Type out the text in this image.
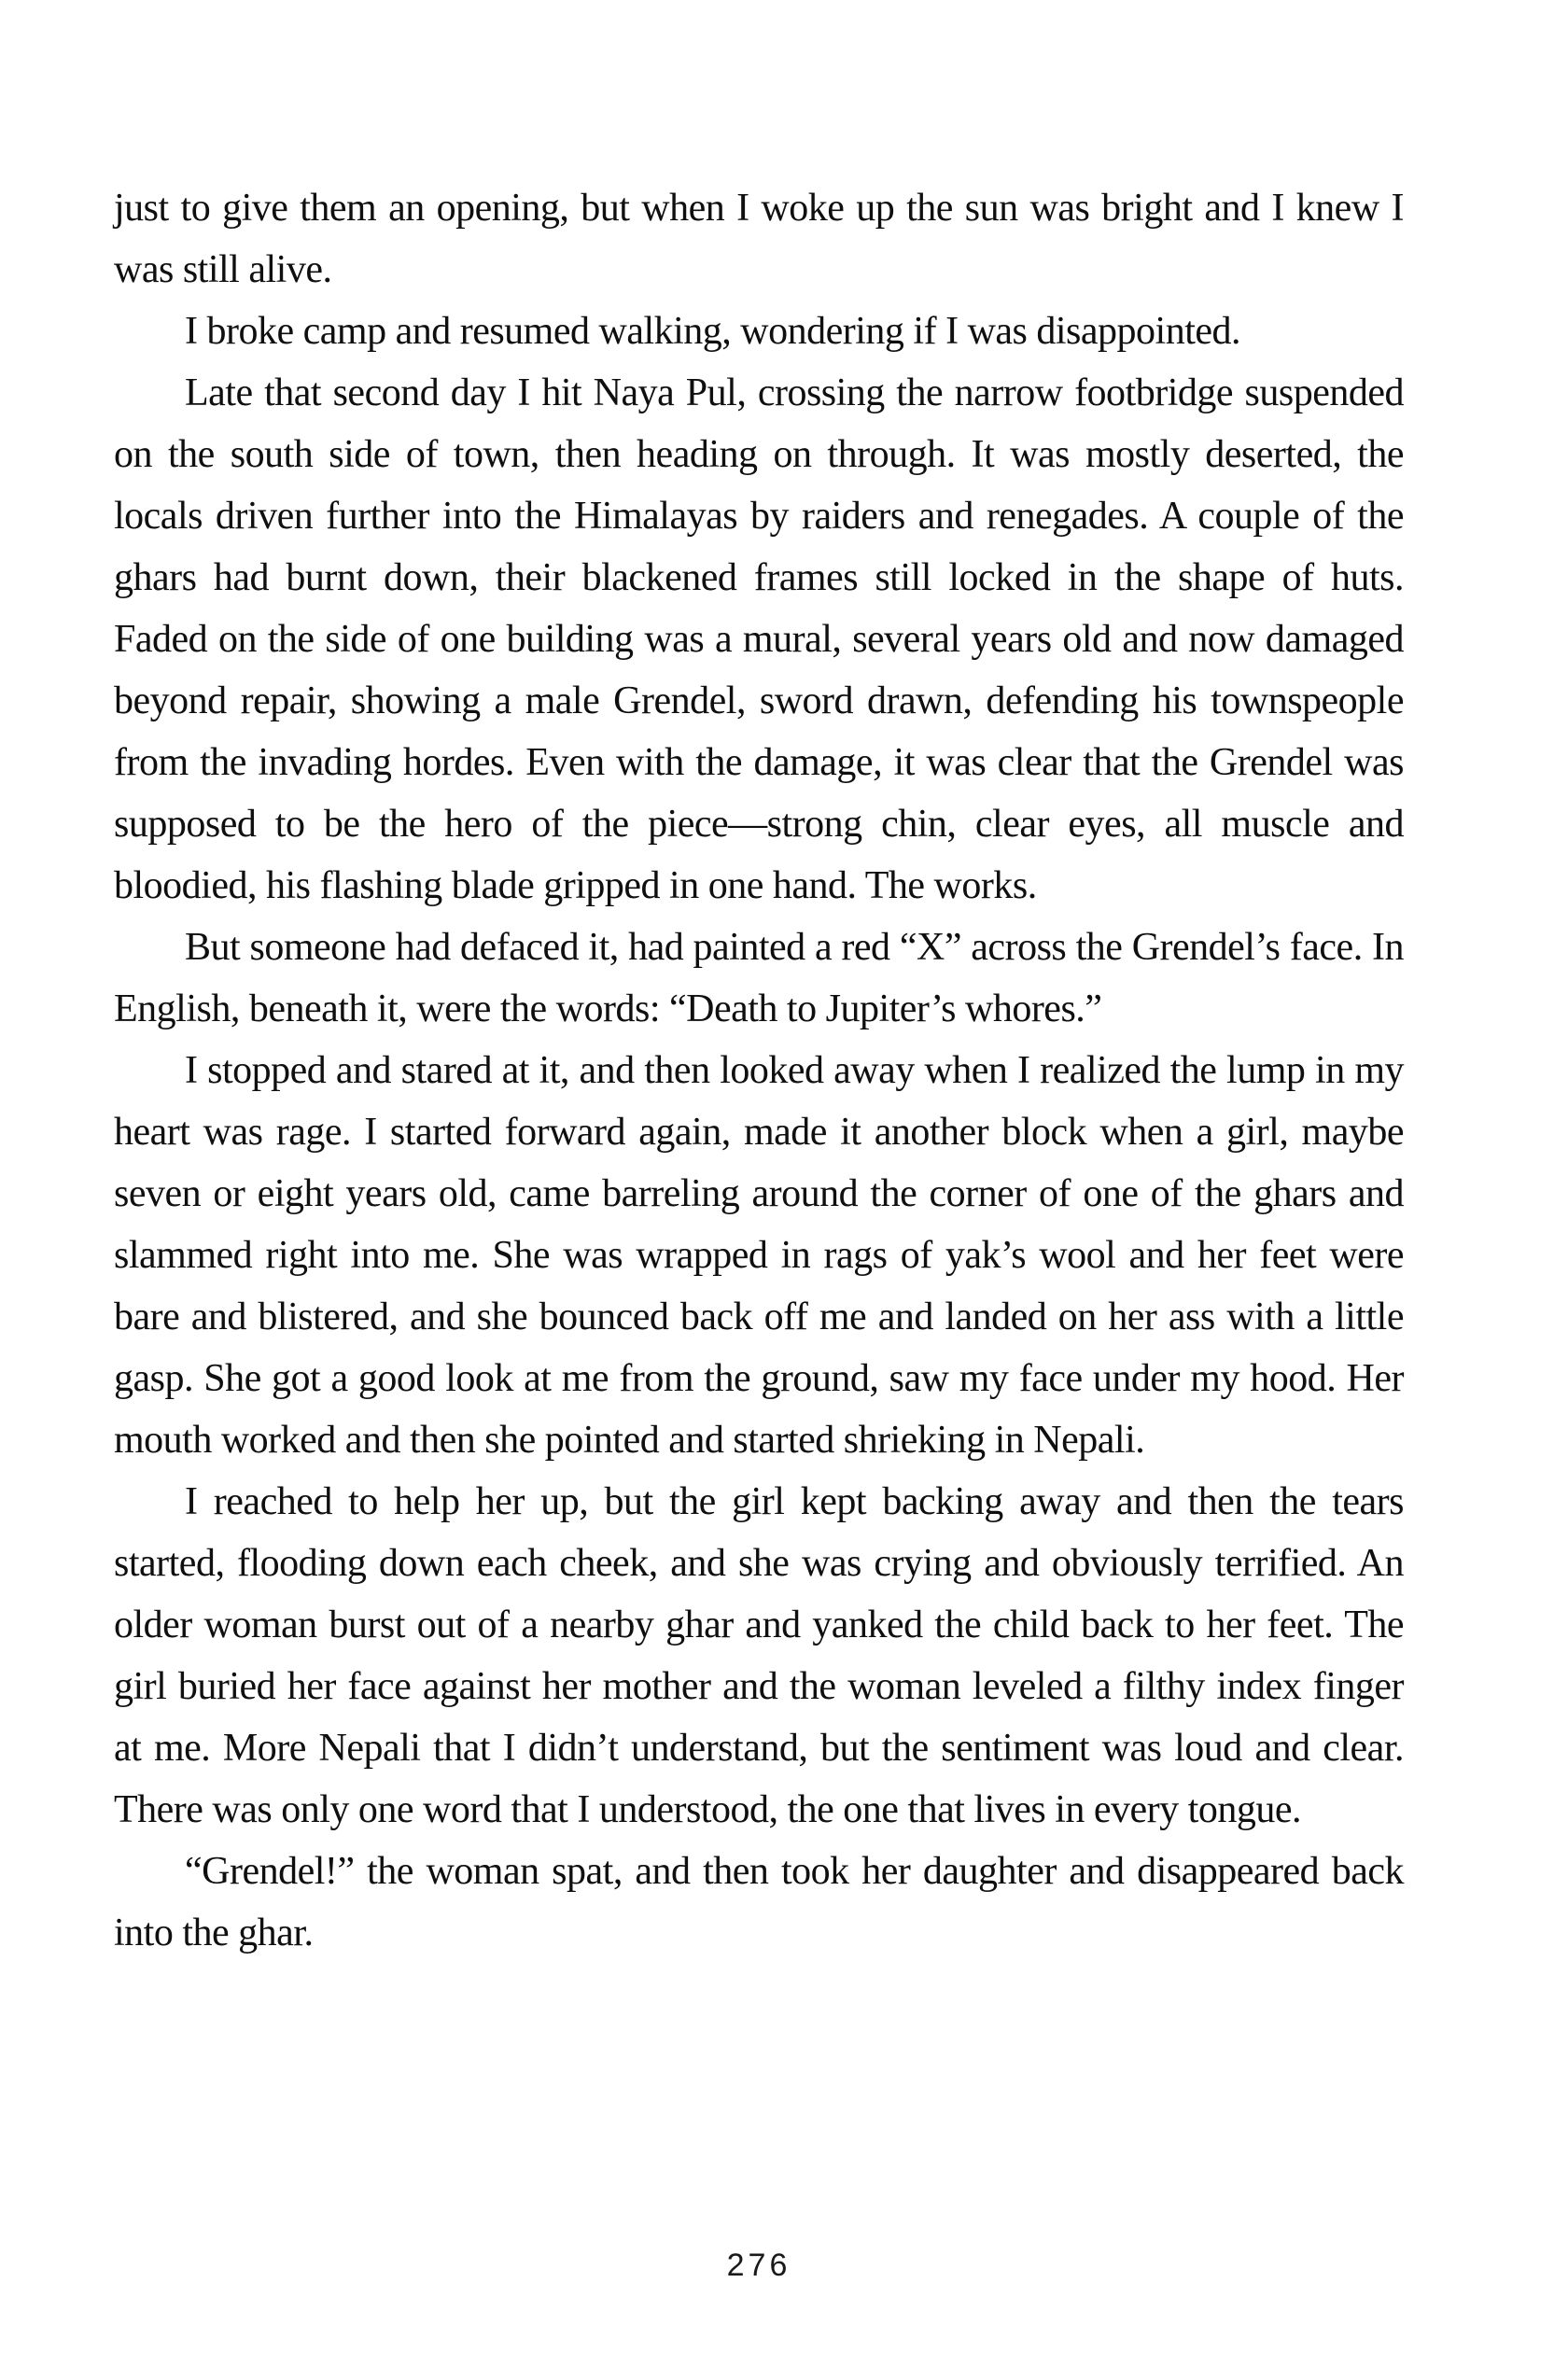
just to give them an opening, but when I woke up the sun was bright and I knew I was still alive.

I broke camp and resumed walking, wondering if I was disappointed.

Late that second day I hit Naya Pul, crossing the narrow footbridge suspended on the south side of town, then heading on through. It was mostly deserted, the locals driven further into the Himalayas by raiders and renegades. A couple of the ghars had burnt down, their blackened frames still locked in the shape of huts. Faded on the side of one building was a mural, several years old and now damaged beyond repair, showing a male Grendel, sword drawn, defending his townspeople from the invading hordes. Even with the damage, it was clear that the Grendel was supposed to be the hero of the piece—strong chin, clear eyes, all muscle and bloodied, his flashing blade gripped in one hand. The works.

But someone had defaced it, had painted a red “X” across the Grendel’s face. In English, beneath it, were the words: “Death to Jupiter’s whores.”

I stopped and stared at it, and then looked away when I realized the lump in my heart was rage. I started forward again, made it another block when a girl, maybe seven or eight years old, came barreling around the corner of one of the ghars and slammed right into me. She was wrapped in rags of yak’s wool and her feet were bare and blistered, and she bounced back off me and landed on her ass with a little gasp. She got a good look at me from the ground, saw my face under my hood. Her mouth worked and then she pointed and started shrieking in Nepali.

I reached to help her up, but the girl kept backing away and then the tears started, flooding down each cheek, and she was crying and obviously terrified. An older woman burst out of a nearby ghar and yanked the child back to her feet. The girl buried her face against her mother and the woman leveled a filthy index finger at me. More Nepali that I didn’t understand, but the sentiment was loud and clear. There was only one word that I understood, the one that lives in every tongue.

“Grendel!” the woman spat, and then took her daughter and disappeared back into the ghar.

276
